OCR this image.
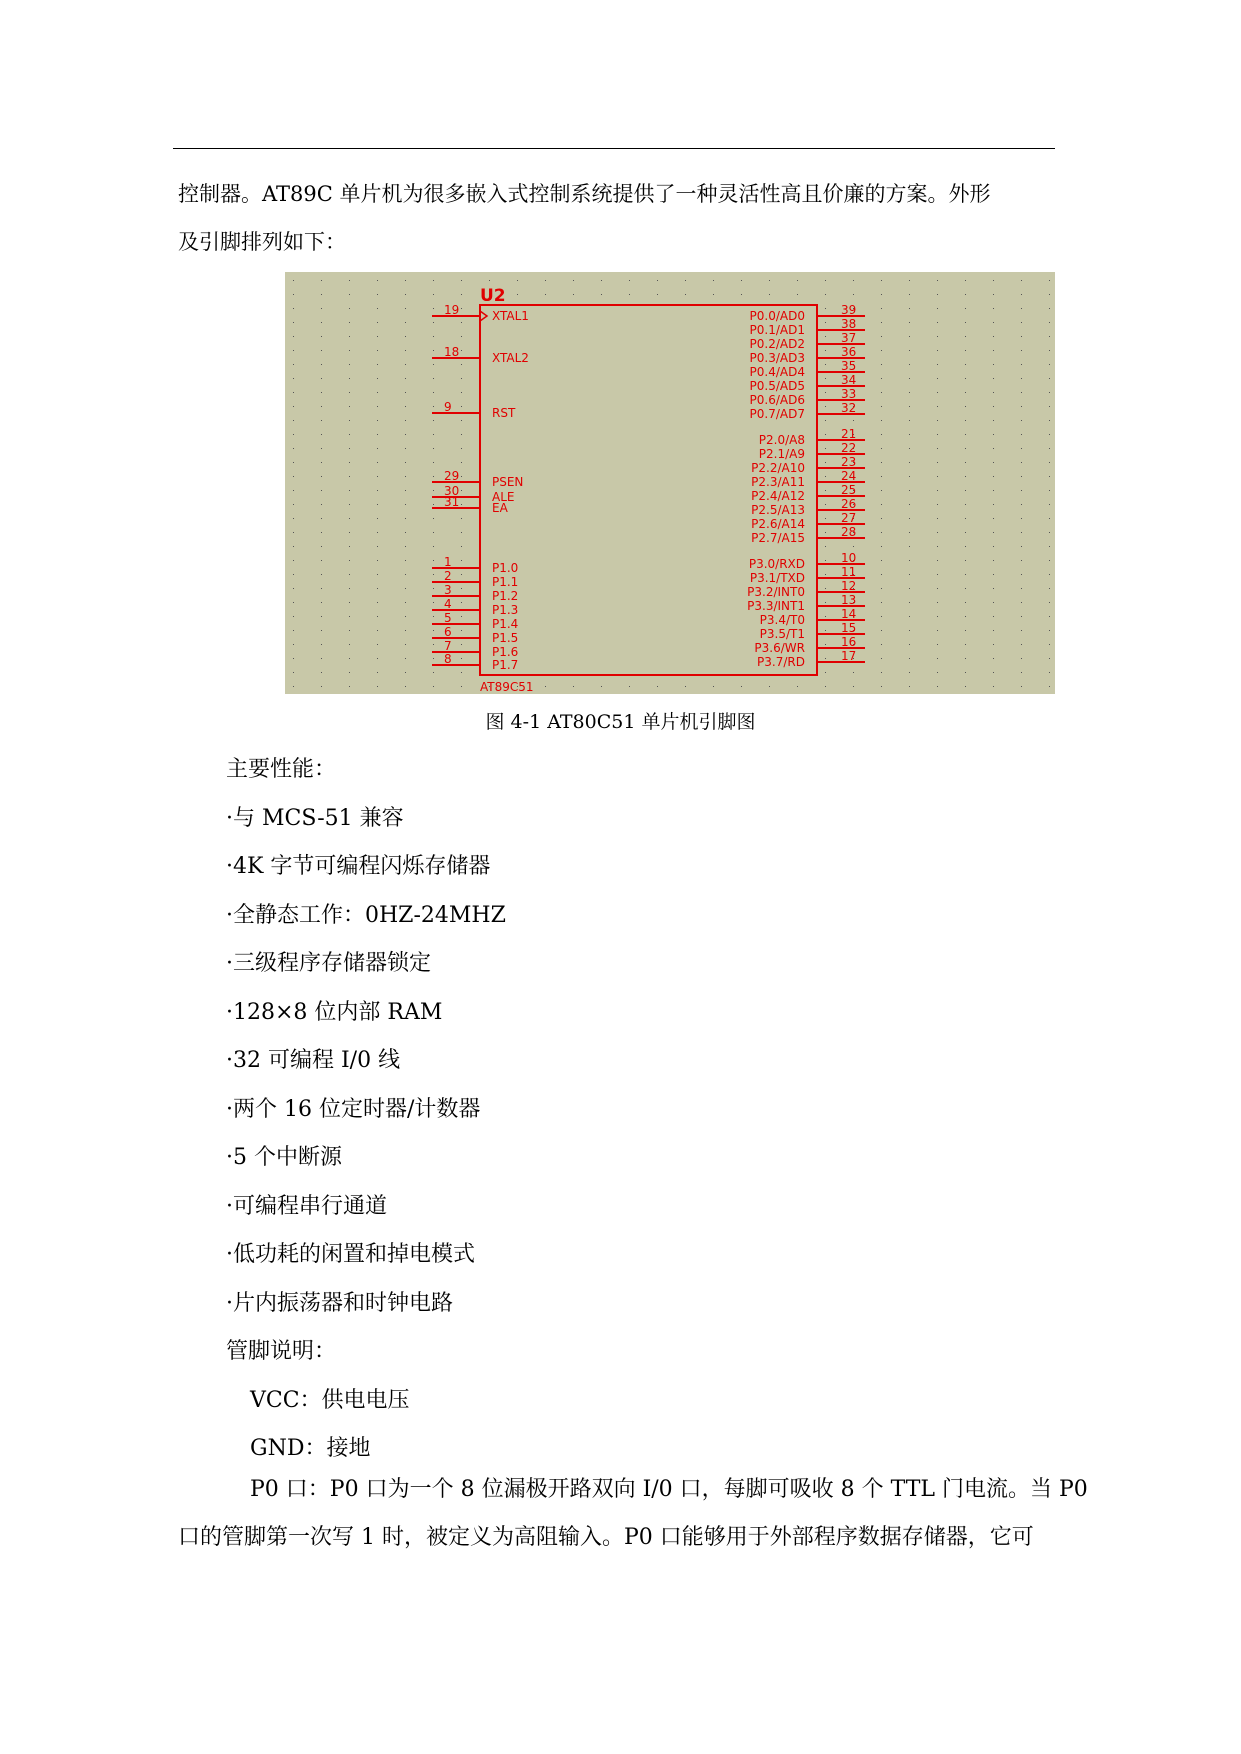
控制器。AT89C 单片机为很多嵌入式控制系统提供了一种灵活性高且价廉的方案。外形

及引脚排列如下：

U2
AT89C51
19	XTAL1
18	XTAL2
9	RST
29	PSEN
30	ALE
31	EA
1	P1.0
2	P1.1
3	P1.2
4	P1.3
5	P1.4
6	P1.5
7	P1.6
8	P1.7
39
P0.0/AD0
38
P0.1/AD1
37
P0.2/AD2
36
P0.3/AD3
35
P0.4/AD4
34
P0.5/AD5
33
P0.6/AD6
32
P0.7/AD7
21
P2.0/A8
22
P2.1/A9
23
P2.2/A10
24
P2.3/A11
25
P2.4/A12
26
P2.5/A13
27
P2.6/A14
28
P2.7/A15
10
P3.0/RXD
11
P3.1/TXD
12
P3.2/INT0
13
P3.3/INT1
14
P3.4/T0
15
P3.5/T1
16
P3.6/WR
17
P3.7/RD
图 4-1 AT80C51 单片机引脚图
主要性能：
·与 MCS-51 兼容
·4K 字节可编程闪烁存储器
·全静态工作：0HZ-24MHZ
·三级程序存储器锁定
·128×8 位内部 RAM
·32 可编程 I/0 线
·两个 16 位定时器/计数器
·5 个中断源
·可编程串行通道
·低功耗的闲置和掉电模式
·片内振荡器和时钟电路
管脚说明：
VCC：供电电压
GND：接地
P0 口：P0 口为一个 8 位漏极开路双向 I/0 口，每脚可吸收 8 个 TTL 门电流。当 P0
口的管脚第一次写 1 时，被定义为高阻输入。P0 口能够用于外部程序数据存储器，它可
